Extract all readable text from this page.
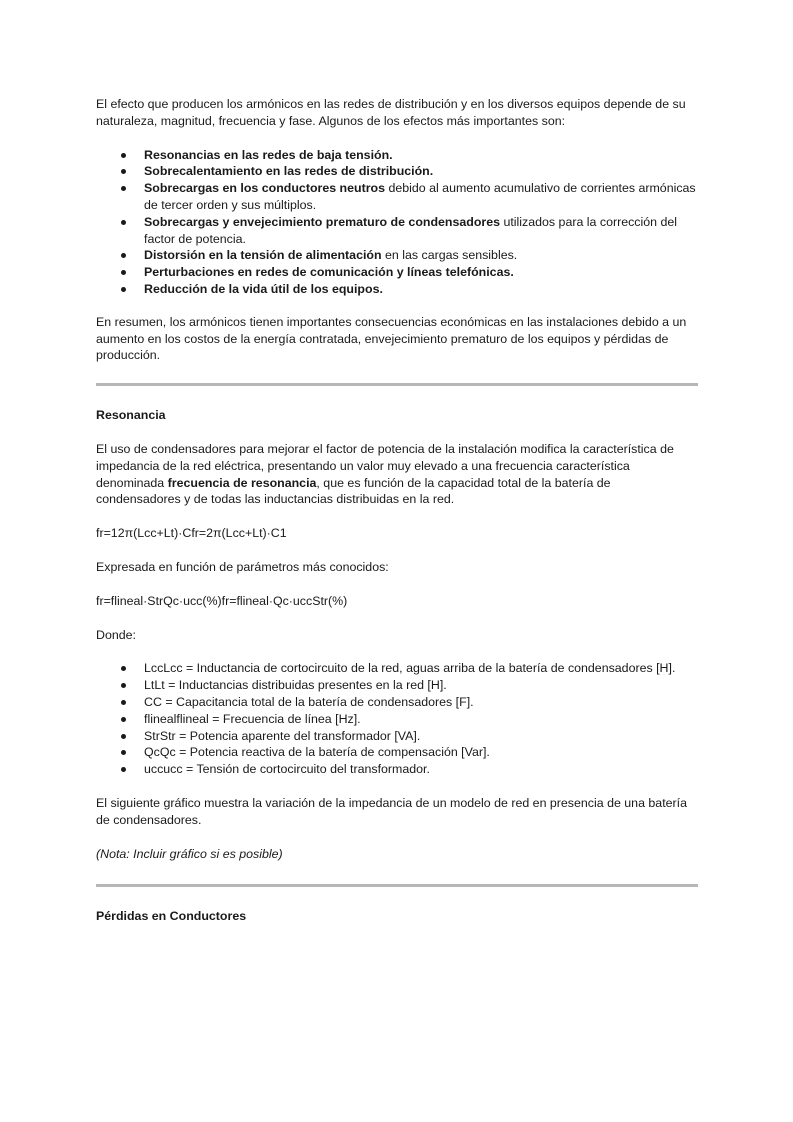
El efecto que producen los armónicos en las redes de distribución y en los diversos equipos depende de su naturaleza, magnitud, frecuencia y fase. Algunos de los efectos más importantes son:

Resonancias en las redes de baja tensión.
Sobrecalentamiento en las redes de distribución.
Sobrecargas en los conductores neutros debido al aumento acumulativo de corrientes armónicas de tercer orden y sus múltiplos.
Sobrecargas y envejecimiento prematuro de condensadores utilizados para la corrección del factor de potencia.
Distorsión en la tensión de alimentación en las cargas sensibles.
Perturbaciones en redes de comunicación y líneas telefónicas.
Reducción de la vida útil de los equipos.

En resumen, los armónicos tienen importantes consecuencias económicas en las instalaciones debido a un aumento en los costos de la energía contratada, envejecimiento prematuro de los equipos y pérdidas de producción.

Resonancia

El uso de condensadores para mejorar el factor de potencia de la instalación modifica la característica de impedancia de la red eléctrica, presentando un valor muy elevado a una frecuencia característica denominada frecuencia de resonancia, que es función de la capacidad total de la batería de condensadores y de todas las inductancias distribuidas en la red.

fr=12π(Lcc+Lt)·Cfr=2π(Lcc+Lt)·C1

Expresada en función de parámetros más conocidos:

fr=flineal·StrQc·ucc(%)fr=flineal·Qc·uccStr(%)

Donde:

LccLcc = Inductancia de cortocircuito de la red, aguas arriba de la batería de condensadores [H].
LtLt = Inductancias distribuidas presentes en la red [H].
CC = Capacitancia total de la batería de condensadores [F].
flinealflineal = Frecuencia de línea [Hz].
StrStr = Potencia aparente del transformador [VA].
QcQc = Potencia reactiva de la batería de compensación [Var].
uccucc = Tensión de cortocircuito del transformador.

El siguiente gráfico muestra la variación de la impedancia de un modelo de red en presencia de una batería de condensadores.

(Nota: Incluir gráfico si es posible)

Pérdidas en Conductores
